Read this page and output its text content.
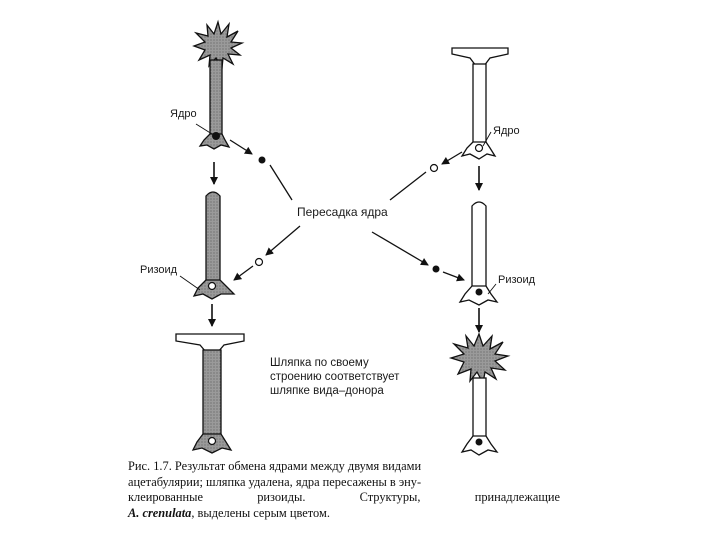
Ядро
Ядро
Пересадка ядра
Ризоид
Ризоид
Шляпка по своему
строению соответствует
шляпке вида–донора
Рис. 1.7. Результат обмена ядрами между двумя видами
ацетабулярии; шляпка удалена, ядра пересажены в эну-
клеированные	ризоиды.	Структуры,	принадлежащие
A. crenulata, выделены серым цветом.
